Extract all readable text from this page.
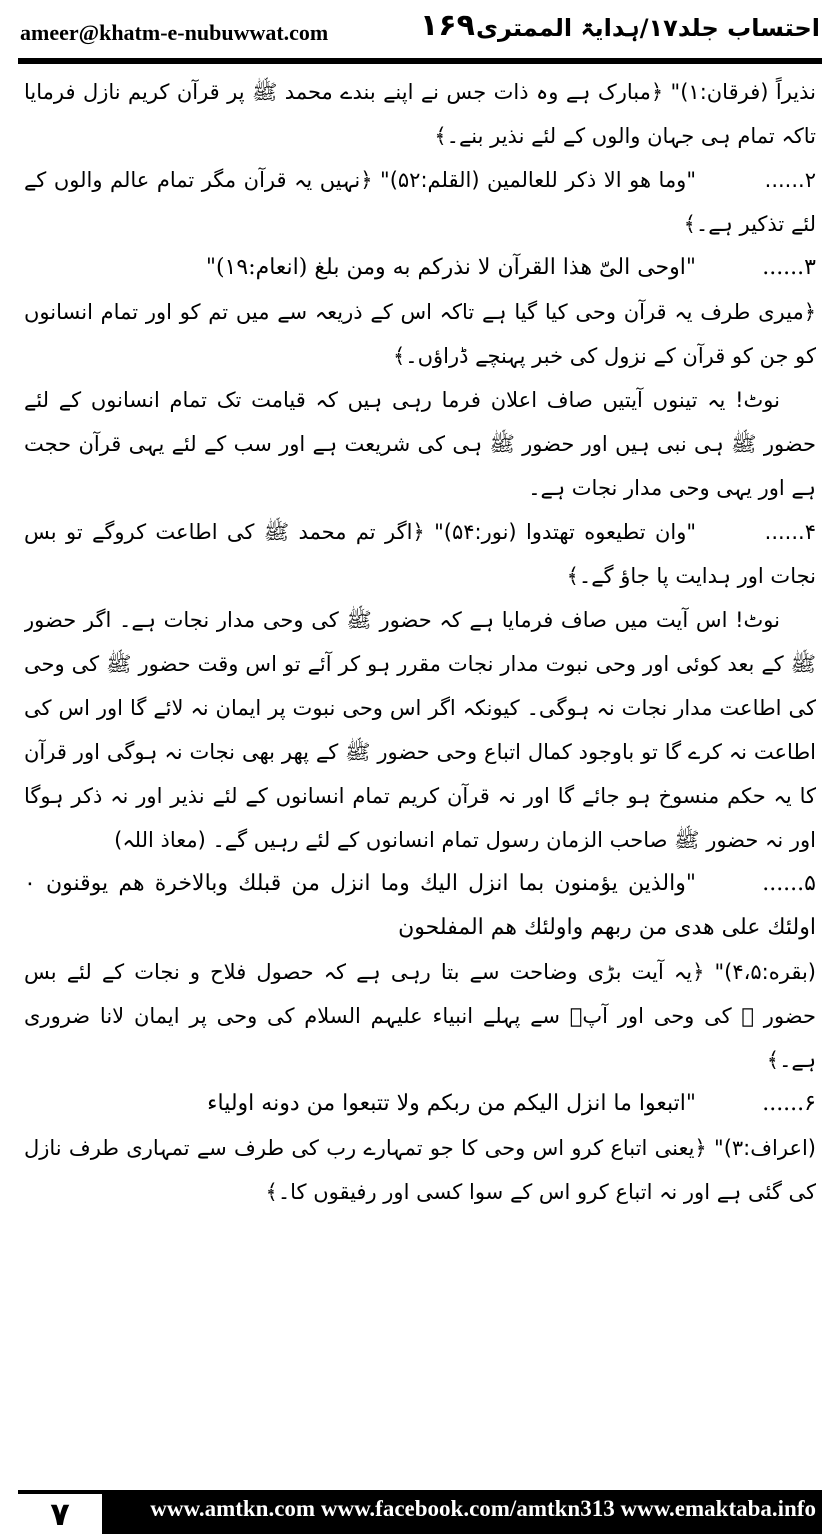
ameer@khatm-e-nubuwwat.com	۱۶۹ احتساب جلد۱۷/ہدایۃ الممتری

نذیراً (فرقان:۱)" ﴿مبارک ہے وہ ذات جس نے اپنے بندے محمد ﷺ پر قرآن کریم نازل فرمایا تاکہ تمام ہی جہان والوں کے لئے نذیر بنے۔﴾

۲......"وما هو الا ذكر للعالمين (القلم:۵۲)" ﴿نہیں یہ قرآن مگر تمام عالم والوں کے لئے تذکیر ہے۔﴾

۳......"اوحى الىّ هذا القرآن لا نذركم به ومن بلغ (انعام:۱۹)"

﴿میری طرف یہ قرآن وحی کیا گیا ہے تاکہ اس کے ذریعہ سے میں تم کو اور تمام انسانوں کو جن کو قرآن کے نزول کی خبر پہنچے ڈراؤں۔﴾

نوٹ! یہ تینوں آیتیں صاف اعلان فرما رہی ہیں کہ قیامت تک تمام انسانوں کے لئے حضور ﷺ ہی نبی ہیں اور حضور ﷺ ہی کی شریعت ہے اور سب کے لئے یہی قرآن حجت ہے اور یہی وحی مدار نجات ہے۔

۴......"وان تطيعوه تهتدوا (نور:۵۴)" ﴿اگر تم محمد ﷺ کی اطاعت کروگے تو بس نجات اور ہدایت پا جاؤ گے۔﴾

نوٹ! اس آیت میں صاف فرمایا ہے کہ حضور ﷺ کی وحی مدار نجات ہے۔ اگر حضور ﷺ کے بعد کوئی اور وحی نبوت مدار نجات مقرر ہو کر آئے تو اس وقت حضور ﷺ کی وحی کی اطاعت مدار نجات نہ ہوگی۔ کیونکہ اگر اس وحی نبوت پر ایمان نہ لائے گا اور اس کی اطاعت نہ کرے گا تو باوجود کمال اتباع وحی حضور ﷺ کے پھر بھی نجات نہ ہوگی اور قرآن کا یہ حکم منسوخ ہو جائے گا اور نہ قرآن کریم تمام انسانوں کے لئے نذیر اور نہ ذکر ہوگا اور نہ حضور ﷺ صاحب الزمان رسول تمام انسانوں کے لئے رہیں گے۔ (معاذ اللہ)

۵......"والذين يؤمنون بما انزل اليك وما انزل من قبلك وبالاخرة هم يوقنون ۰ اولئك على هدى من ربهم واولئك هم المفلحون

(بقره:۴،۵)" ﴿یہ آیت بڑی وضاحت سے بتا رہی ہے کہ حصول فلاح و نجات کے لئے بس حضور ﷺ کی وحی اور آپؐ سے پہلے انبیاء علیہم السلام کی وحی پر ایمان لانا ضروری ہے۔﴾

۶......"اتبعوا ما انزل اليكم من ربكم ولا تتبعوا من دونه اولياء

(اعراف:۳)" ﴿یعنی اتباع کرو اس وحی کا جو تمہارے رب کی طرف سے تمہاری طرف نازل کی گئی ہے اور نہ اتباع کرو اس کے سوا کسی اور رفیقوں کا۔﴾

۷	www.amtkn.com www.facebook.com/amtkn313 www.emaktaba.info
